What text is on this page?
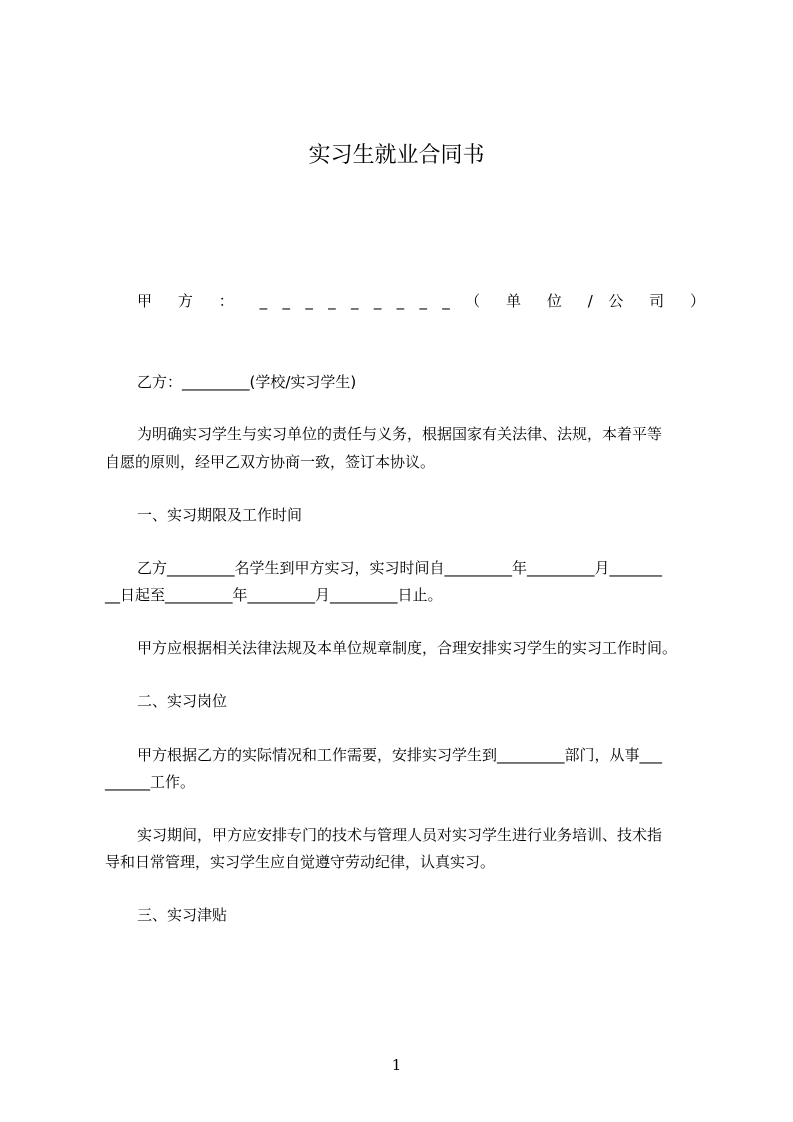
实习生就业合同书

甲 方 ： _ _ _ _ _ _ _ _ _ （ 单 位 / 公 司 ）

乙方：_________(学校/实习学生)

为明确实习学生与实习单位的责任与义务，根据国家有关法律、法规，本着平等

自愿的原则，经甲乙双方协商一致，签订本协议。

一、实习期限及工作时间

乙方_________名学生到甲方实习，实习时间自_________年_________月_______

__日起至_________年_________月_________日止。

甲方应根据相关法律法规及本单位规章制度，合理安排实习学生的实习工作时间。

二、实习岗位

甲方根据乙方的实际情况和工作需要，安排实习学生到_________部门，从事___

______工作。

实习期间，甲方应安排专门的技术与管理人员对实习学生进行业务培训、技术指

导和日常管理，实习学生应自觉遵守劳动纪律，认真实习。

三、实习津贴

1
